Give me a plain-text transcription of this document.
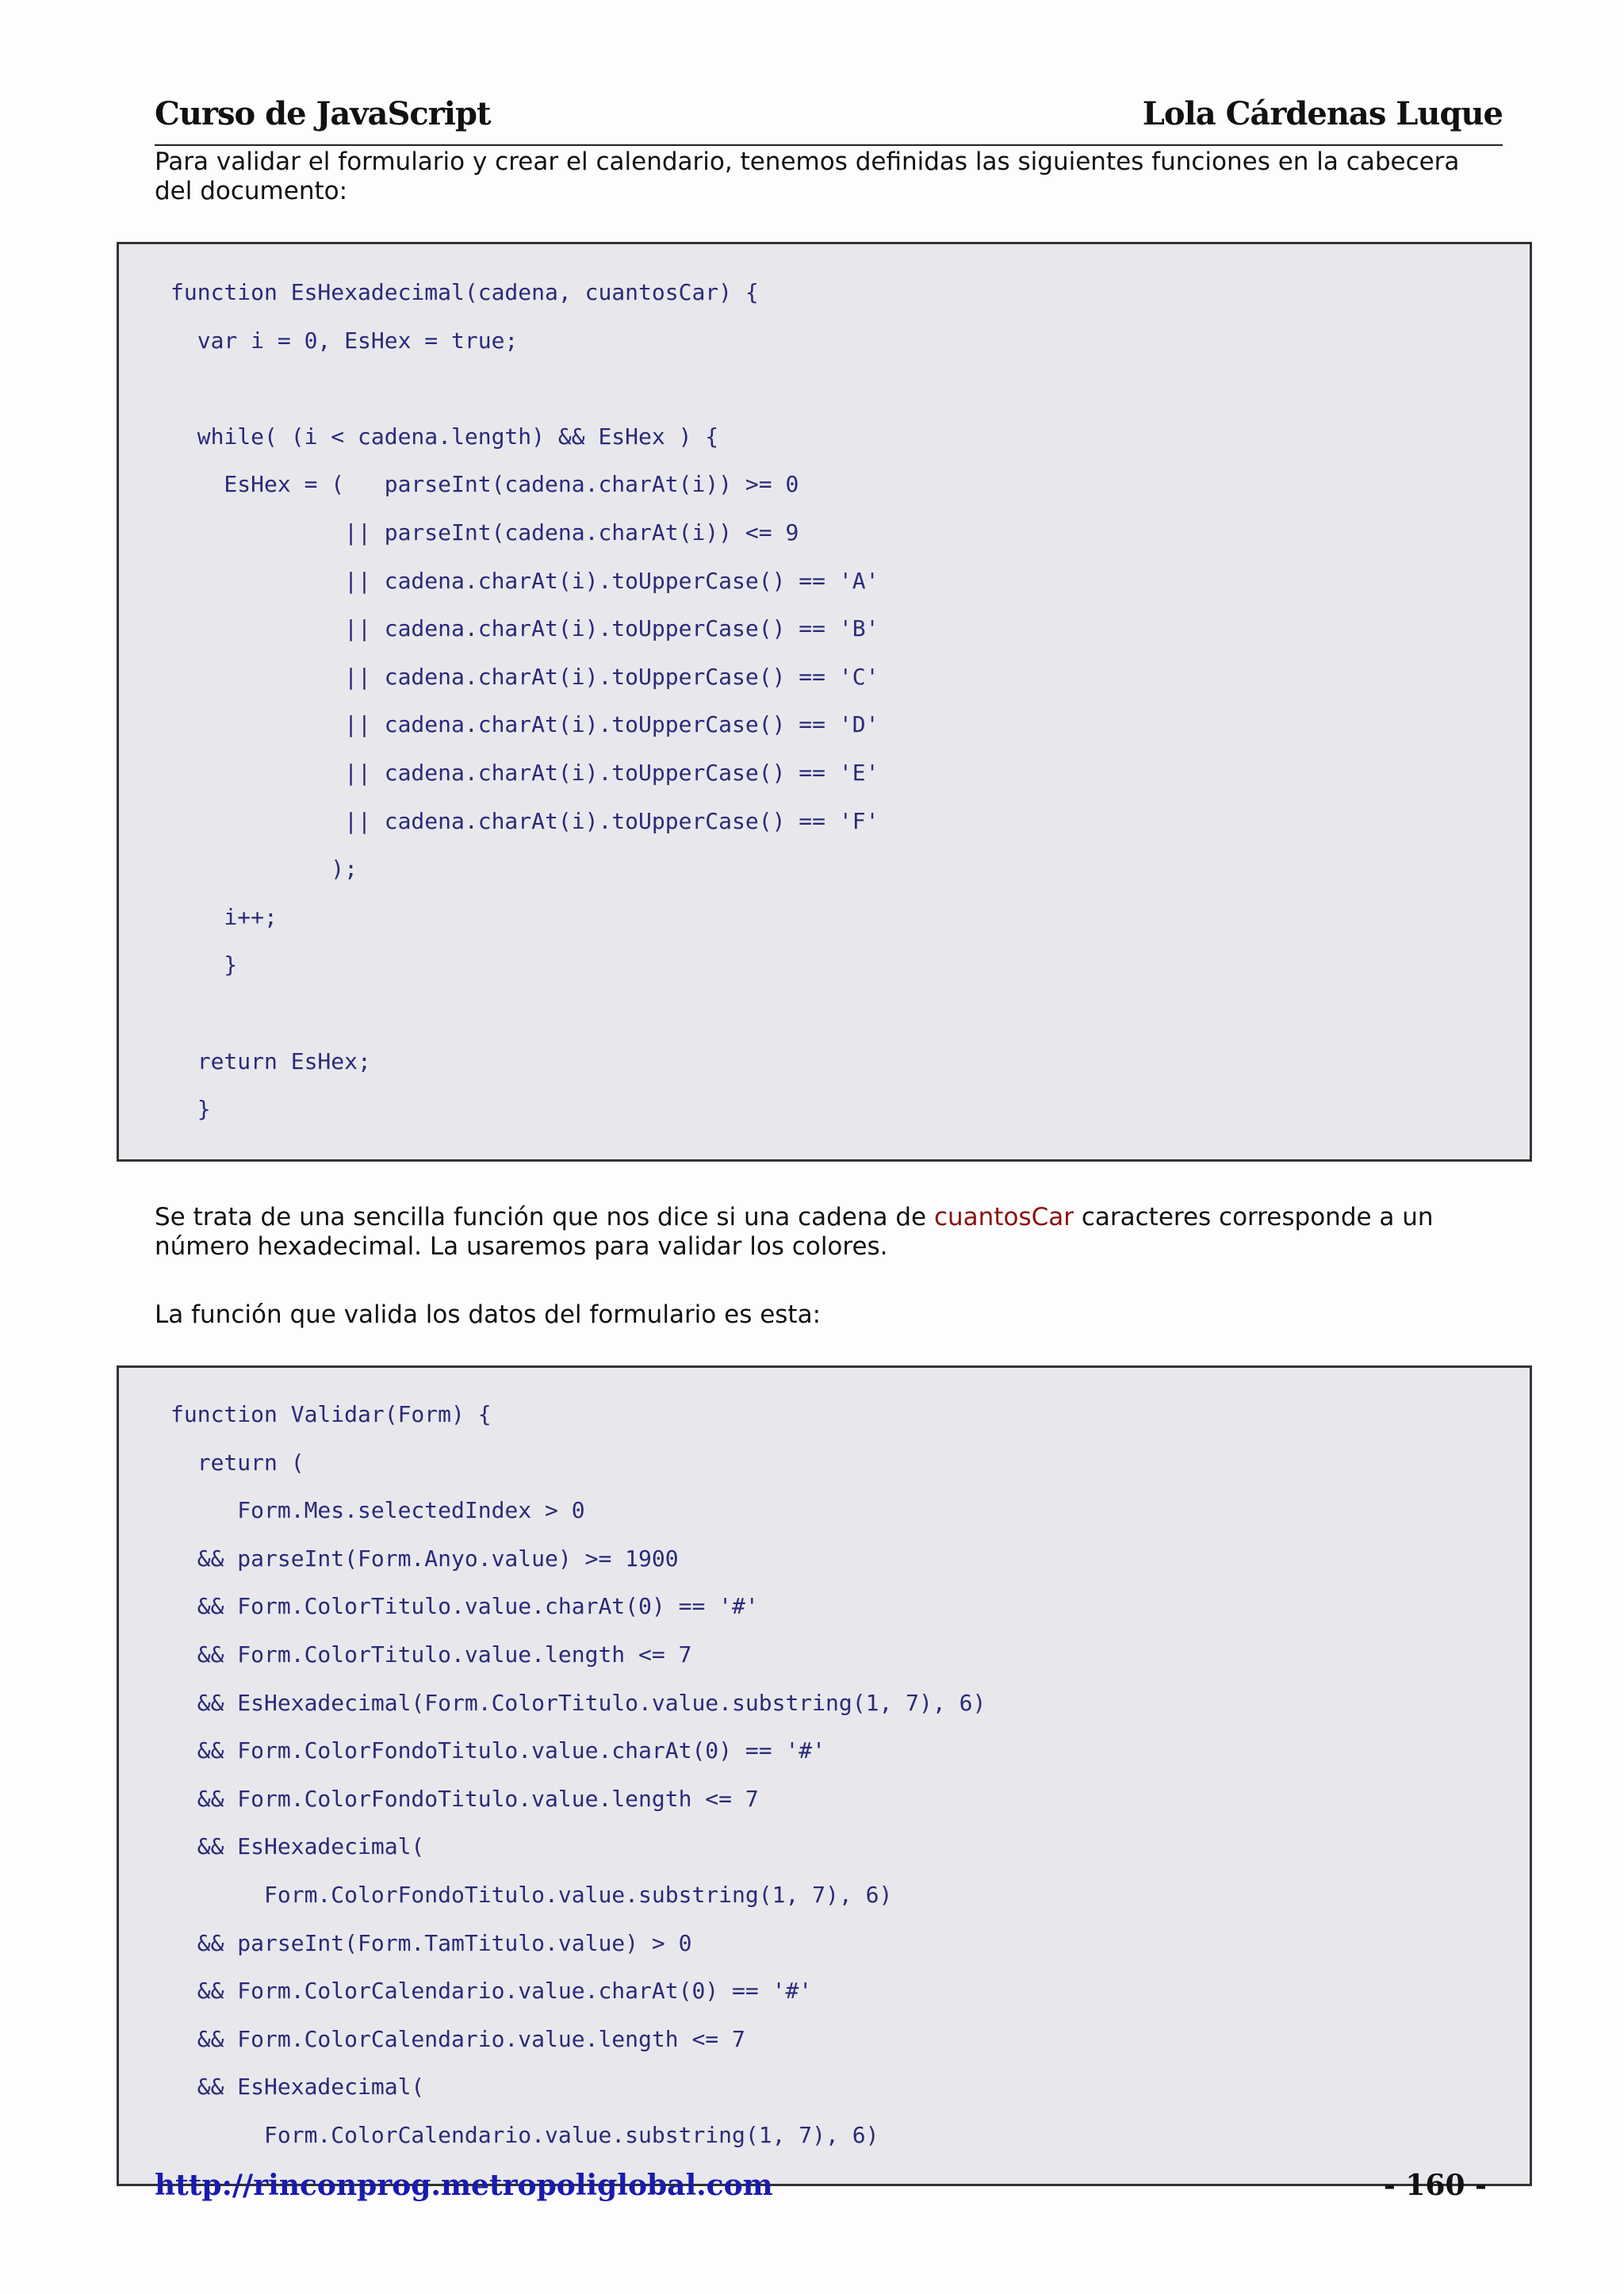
Curso de JavaScript	Lola Cárdenas Luque
Para validar el formulario y crear el calendario, tenemos definidas las siguientes funciones en la cabecera del documento:
function EsHexadecimal(cadena, cuantosCar) {
var i = 0, EsHex = true;
while( (i < cadena.length) && EsHex ) {
EsHex = (   parseInt(cadena.charAt(i)) >= 0
|| parseInt(cadena.charAt(i)) <= 9
|| cadena.charAt(i).toUpperCase() == 'A'
|| cadena.charAt(i).toUpperCase() == 'B'
|| cadena.charAt(i).toUpperCase() == 'C'
|| cadena.charAt(i).toUpperCase() == 'D'
|| cadena.charAt(i).toUpperCase() == 'E'
|| cadena.charAt(i).toUpperCase() == 'F'
);
i++;
}
return EsHex;
}
Se trata de una sencilla función que nos dice si una cadena de cuantosCar caracteres corresponde a un número hexadecimal. La usaremos para validar los colores.
La función que valida los datos del formulario es esta:
function Validar(Form) {
return (
Form.Mes.selectedIndex > 0
&& parseInt(Form.Anyo.value) >= 1900
&& Form.ColorTitulo.value.charAt(0) == '#'
&& Form.ColorTitulo.value.length <= 7
&& EsHexadecimal(Form.ColorTitulo.value.substring(1, 7), 6)
&& Form.ColorFondoTitulo.value.charAt(0) == '#'
&& Form.ColorFondoTitulo.value.length <= 7
&& EsHexadecimal(
Form.ColorFondoTitulo.value.substring(1, 7), 6)
&& parseInt(Form.TamTitulo.value) > 0
&& Form.ColorCalendario.value.charAt(0) == '#'
&& Form.ColorCalendario.value.length <= 7
&& EsHexadecimal(
Form.ColorCalendario.value.substring(1, 7), 6)
http://rinconprog.metropoliglobal.com	- 160 -
